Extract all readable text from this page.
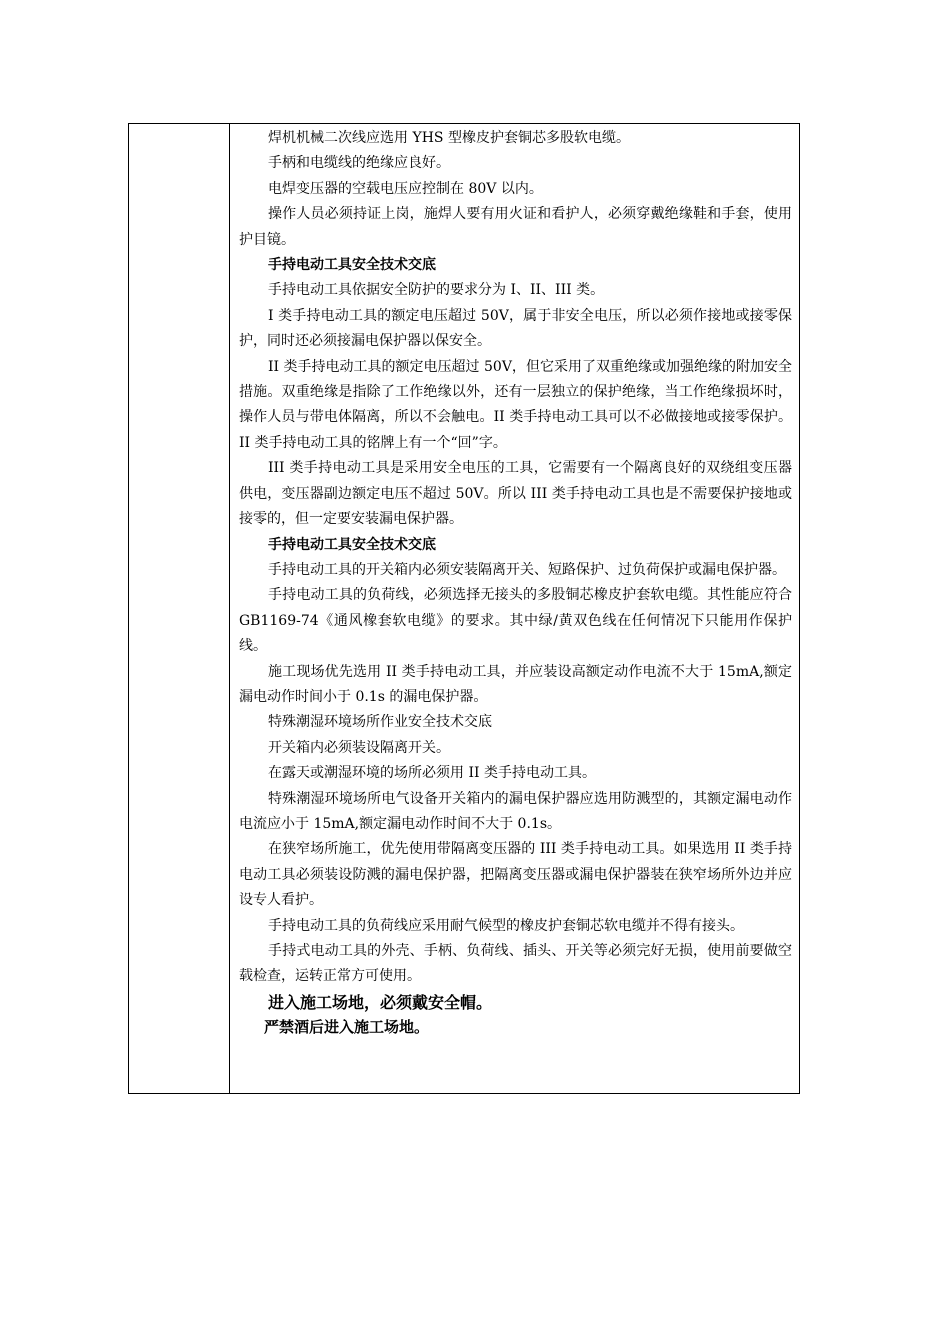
焊机机械二次线应选用 YHS 型橡皮护套铜芯多股软电缆。

手柄和电缆线的绝缘应良好。

电焊变压器的空载电压应控制在 80V 以内。

操作人员必须持证上岗，施焊人要有用火证和看护人，必须穿戴绝缘鞋和手套，使用护目镜。

手持电动工具安全技术交底

手持电动工具依据安全防护的要求分为 I、II、III 类。

I 类手持电动工具的额定电压超过 50V，属于非安全电压，所以必须作接地或接零保护，同时还必须接漏电保护器以保安全。

II 类手持电动工具的额定电压超过 50V，但它采用了双重绝缘或加强绝缘的附加安全措施。双重绝缘是指除了工作绝缘以外，还有一层独立的保护绝缘，当工作绝缘损坏时，操作人员与带电体隔离，所以不会触电。II 类手持电动工具可以不必做接地或接零保护。II 类手持电动工具的铭牌上有一个“回”字。

III 类手持电动工具是采用安全电压的工具，它需要有一个隔离良好的双绕组变压器供电，变压器副边额定电压不超过 50V。所以 III 类手持电动工具也是不需要保护接地或接零的，但一定要安装漏电保护器。

手持电动工具安全技术交底

手持电动工具的开关箱内必须安装隔离开关、短路保护、过负荷保护或漏电保护器。

手持电动工具的负荷线，必须选择无接头的多股铜芯橡皮护套软电缆。其性能应符合 GB1169-74《通风橡套软电缆》的要求。其中绿/黄双色线在任何情况下只能用作保护线。

施工现场优先选用 II 类手持电动工具，并应装设高额定动作电流不大于 15mA,额定漏电动作时间小于 0.1s 的漏电保护器。

特殊潮湿环境场所作业安全技术交底

开关箱内必须装设隔离开关。

在露天或潮湿环境的场所必须用 II 类手持电动工具。

特殊潮湿环境场所电气设备开关箱内的漏电保护器应选用防溅型的，其额定漏电动作电流应小于 15mA,额定漏电动作时间不大于 0.1s。

在狭窄场所施工，优先使用带隔离变压器的 III 类手持电动工具。如果选用 II 类手持电动工具必须装设防溅的漏电保护器，把隔离变压器或漏电保护器装在狭窄场所外边并应设专人看护。

手持电动工具的负荷线应采用耐气候型的橡皮护套铜芯软电缆并不得有接头。

手持式电动工具的外壳、手柄、负荷线、插头、开关等必须完好无损，使用前要做空载检查，运转正常方可使用。

进入施工场地，必须戴安全帽。

严禁酒后进入施工场地。
